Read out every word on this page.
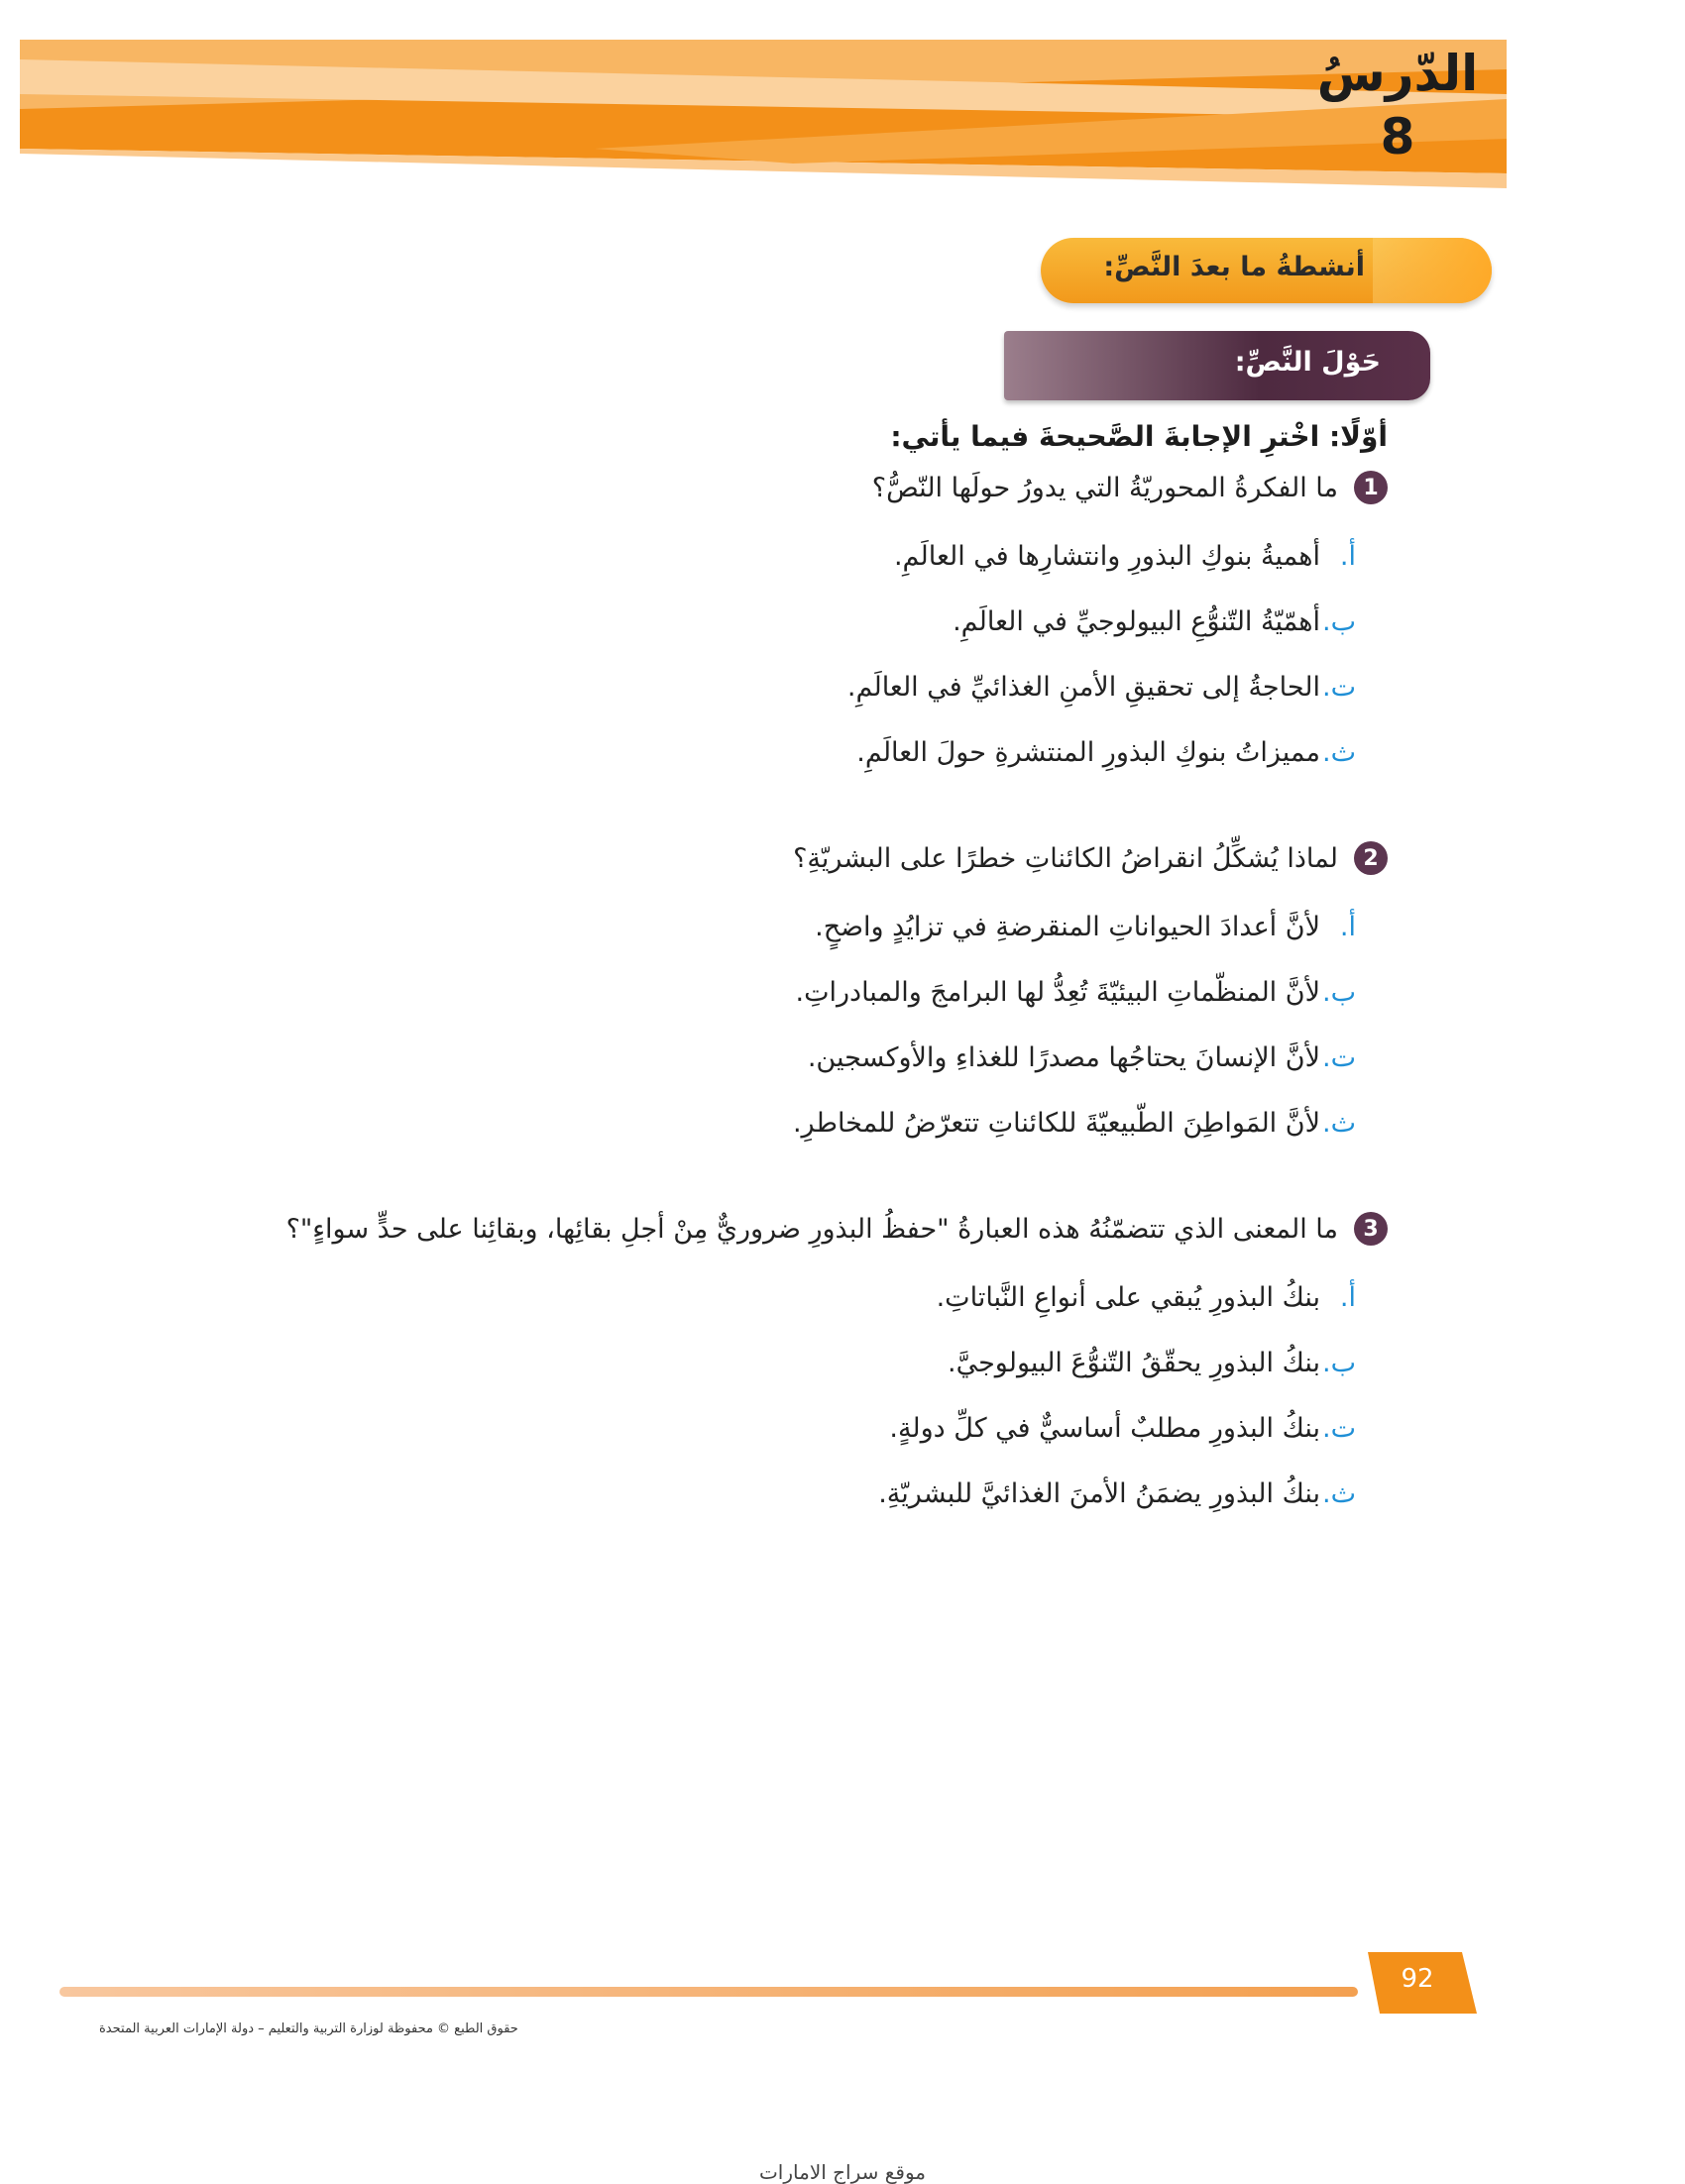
الدّرسُ
8
أنشطةُ ما بعدَ النَّصِّ:
حَوْلَ النَّصِّ:

أوّلًا: اخْترِ الإجابةَ الصَّحيحةَ فيما يأتي:

1
ما الفكرةُ المحوريّةُ التي يدورُ حولَها النّصُّ؟
أ.أهميةُ بنوكِ البذورِ وانتشارِها في العالَمِ.
ب.أهمّيّةُ التّنوُّعِ البيولوجيِّ في العالَمِ.
ت.الحاجةُ إلى تحقيقِ الأمنِ الغذائيِّ في العالَمِ.
ث.مميزاتُ بنوكِ البذورِ المنتشرةِ حولَ العالَمِ.
2
لماذا يُشكِّلُ انقراضُ الكائناتِ خطرًا على البشريّةِ؟
أ.لأنَّ أعدادَ الحيواناتِ المنقرضةِ في تزايُدٍ واضحٍ.
ب.لأنَّ المنظّماتِ البيئيّةَ تُعِدُّ لها البرامجَ والمبادراتِ.
ت.لأنَّ الإنسانَ يحتاجُها مصدرًا للغذاءِ والأوكسجين.
ث.لأنَّ المَواطِنَ الطّبيعيّةَ للكائناتِ تتعرّضُ للمخاطرِ.
3
ما المعنى الذي تتضمّنُهُ هذه العبارةُ "حفظُ البذورِ ضروريٌّ مِنْ أجلِ بقائِها، وبقائِنا على حدٍّ سواءٍ"؟
أ.بنكُ البذورِ يُبقي على أنواعِ النَّباتاتِ.
ب.بنكُ البذورِ يحقّقُ التّنوُّعَ البيولوجيَّ.
ت.بنكُ البذورِ مطلبٌ أساسيٌّ في كلِّ دولةٍ.
ث.بنكُ البذورِ يضمَنُ الأمنَ الغذائيَّ للبشريّةِ.
92
حقوق الطبع © محفوظة لوزارة التربية والتعليم – دولة الإمارات العربية المتحدة
موقع سراج الامارات
